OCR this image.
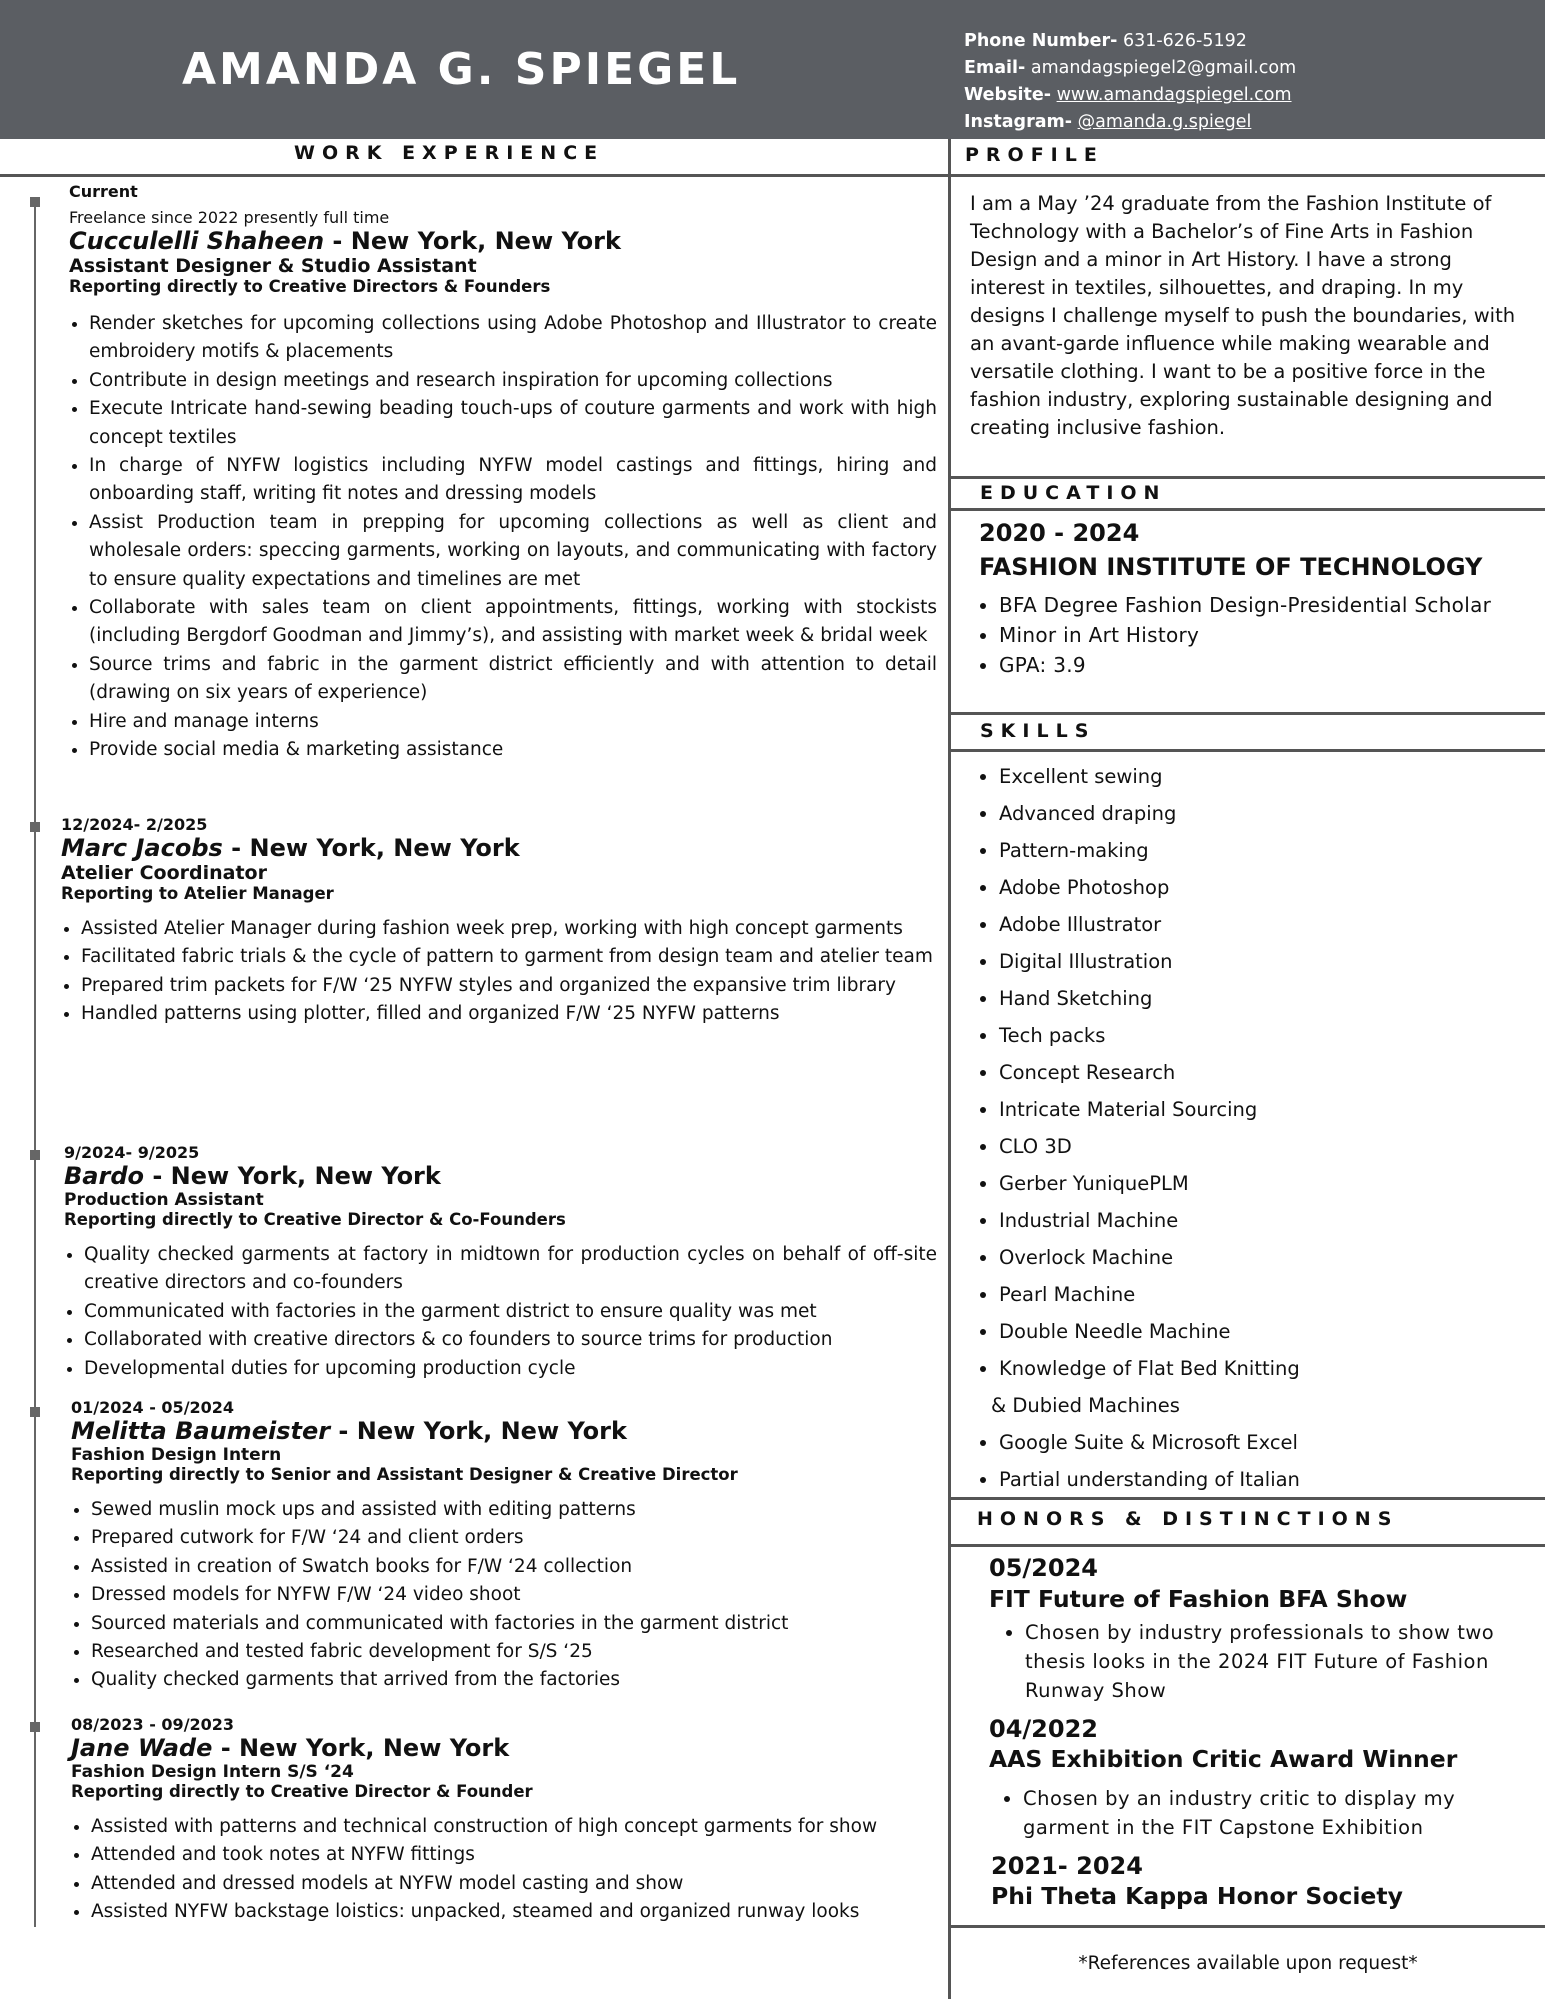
AMANDA G. SPIEGEL
Phone Number- 631-626-5192
Email- amandagspiegel2@gmail.com
Website- www.amandagspiegel.com
Instagram- @amanda.g.spiegel
WORK EXPERIENCE	PROFILE
EDUCATION
SKILLS
HONORS & DISTINCTIONS
Current
Freelance since 2022 presently full time
Cucculelli Shaheen - New York, New York
Assistant Designer & Studio Assistant
Reporting directly to Creative Directors & Founders
• Render sketches for upcoming collections using Adobe Photoshop and Illustrator to create embroidery motifs & placements
• Contribute in design meetings and research inspiration for upcoming collections
• Execute Intricate hand-sewing beading touch-ups of couture garments and work with high concept textiles
• In charge of NYFW logistics including NYFW model castings and fittings, hiring and onboarding staff, writing fit notes and dressing models
• Assist Production team in prepping for upcoming collections as well as client and wholesale orders: speccing garments, working on layouts, and communicating with factory to ensure quality expectations and timelines are met
• Collaborate with sales team on client appointments, fittings, working with stockists (including Bergdorf Goodman and Jimmy’s), and assisting with market week & bridal week
• Source trims and fabric in the garment district efficiently and with attention to detail (drawing on six years of experience)
• Hire and manage interns
• Provide social media & marketing assistance
12/2024- 2/2025
Marc Jacobs - New York, New York
Atelier Coordinator
Reporting to Atelier Manager
• Assisted Atelier Manager during fashion week prep, working with high concept garments
• Facilitated fabric trials & the cycle of pattern to garment from design team and atelier team
• Prepared trim packets for F/W ‘25 NYFW styles and organized the expansive trim library
• Handled patterns using plotter, filled and organized F/W ‘25 NYFW patterns
9/2024- 9/2025
Bardo - New York, New York
Production Assistant
Reporting directly to Creative Director & Co-Founders
• Quality checked garments at factory in midtown for production cycles on behalf of off-site creative directors and co-founders
• Communicated with factories in the garment district to ensure quality was met
• Collaborated with creative directors & co founders to source trims for production
• Developmental duties for upcoming production cycle
01/2024 - 05/2024
Melitta Baumeister - New York, New York
Fashion Design Intern
Reporting directly to Senior and Assistant Designer & Creative Director
• Sewed muslin mock ups and assisted with editing patterns
• Prepared cutwork for F/W ‘24 and client orders
• Assisted in creation of Swatch books for F/W ‘24 collection
• Dressed models for NYFW F/W ‘24 video shoot
• Sourced materials and communicated with factories in the garment district
• Researched and tested fabric development for S/S ‘25
• Quality checked garments that arrived from the factories
08/2023 - 09/2023
Jane Wade - New York, New York
Fashion Design Intern S/S ‘24
Reporting directly to Creative Director & Founder
• Assisted with patterns and technical construction of high concept garments for show
• Attended and took notes at NYFW fittings
• Attended and dressed models at NYFW model casting and show
• Assisted NYFW backstage loistics: unpacked, steamed and organized runway looks
I am a May ’24 graduate from the Fashion Institute of Technology with a Bachelor’s of Fine Arts in Fashion Design and a minor in Art History. I have a strong interest in textiles, silhouettes, and draping. In my designs I challenge myself to push the boundaries, with an avant-garde influence while making wearable and versatile clothing. I want to be a positive force in the fashion industry, exploring sustainable designing and creating inclusive fashion.
2020 - 2024
FASHION INSTITUTE OF TECHNOLOGY
• BFA Degree Fashion Design-Presidential Scholar
• Minor in Art History
• GPA: 3.9
• Excellent sewing
• Advanced draping
• Pattern-making
• Adobe Photoshop
• Adobe Illustrator
• Digital Illustration
• Hand Sketching
• Tech packs
• Concept Research
• Intricate Material Sourcing
• CLO 3D
• Gerber YuniquePLM
• Industrial Machine
• Overlock Machine
• Pearl Machine
• Double Needle Machine
• Knowledge of Flat Bed Knitting
& Dubied Machines
• Google Suite & Microsoft Excel
• Partial understanding of Italian
05/2024
FIT Future of Fashion BFA Show
• Chosen by industry professionals to show two thesis looks in the 2024 FIT Future of Fashion Runway Show
04/2022
AAS Exhibition Critic Award Winner
• Chosen by an industry critic to display my garment in the FIT Capstone Exhibition
2021- 2024
Phi Theta Kappa Honor Society
*References available upon request*
